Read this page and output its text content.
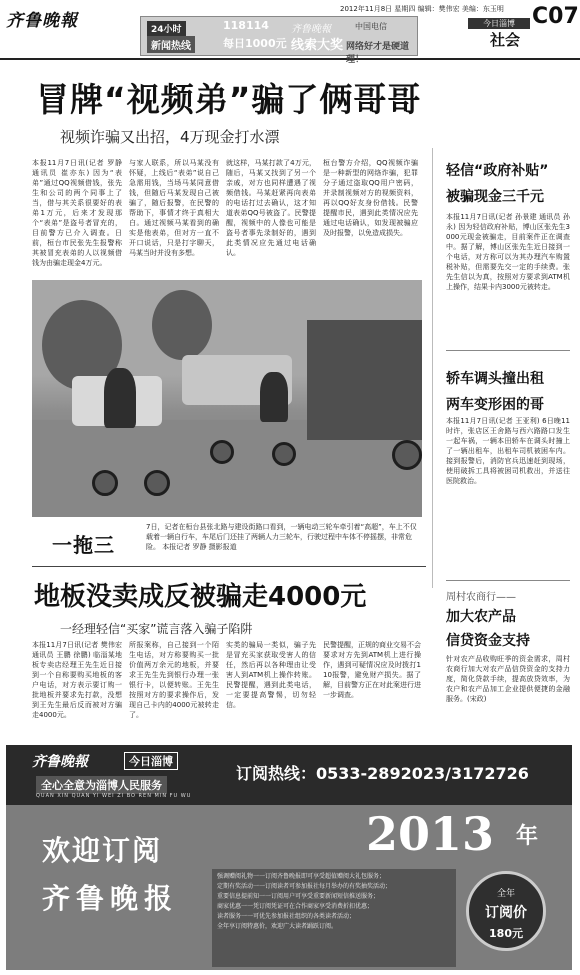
齐鲁晚報	24小时
新闻热线
118114
每日1000元
齐鲁晚報
线索大奖
中国电信
网络好才是硬道理！
2012年11月8日 星期四 编辑：樊伟宏 美编：东玉明
今日淄博
社会
C07
冒牌“视频弟”骗了俩哥哥
视频诈骗又出招，4万现金打水漂
本报11月7日讯(记者 罗静 通讯员 崔亦东) 因为“表弟”通过QQ视频借钱，张先生和公司的两个同事上了当，借与其关系很要好的表弟1万元，后来才发现那个“表弟”是盗号者冒充的，目前警方已介入调查。日前，桓台市民张先生报警称其被冒充表弟的人以视频借钱为由骗走现金4万元。
与家人联系，所以马某没有怀疑，上线后“表弟”说自己急需用钱，当场马某同意借钱，但随后马某发现自己被骗了，随后报警，在民警的帮助下，事情才终于真相大白。通过视频马某看到的确实是他表弟，但对方一直不开口说话，只是打字聊天，马某当时并没有多想。
就这样，马某打款了4万元，随后，马某又找到了另一个亲戚，对方也同样遭遇了视频借钱。马某赶紧再向表弟的电话打过去确认，这才知道表弟QQ号被盗了。民警提醒，视频中的人像也可能是盗号者事先录制好的，遇到此类情况应先通过电话确认。
桓台警方介绍，QQ视频诈骗是一种新型的网络诈骗，犯罪分子通过盗取QQ用户密码，并录制视频对方的视频资料，再以QQ好友身份借钱。民警提醒市民，遇到此类情况应先通过电话确认，如发现被骗应及时报警，以免造成损失。
一拖三
7日，记者在桓台县张北路与建设街路口看到，一辆电动三轮车牵引着“高超”，车上不仅载着一辆自行车，车尾后门还挂了两辆人力三轮车，行驶过程中车体不停摇摆，非常危险。 本报记者 罗静 摄影报道
地板没卖成反被骗走4000元
一经理轻信“买家”谎言落入骗子陷阱
本报11月7日讯(记者 樊伟宏 通讯员 王鹏 徐鹏) 临淄某地板专卖店经理王先生近日接到一个自称要购买地板的客户电话，对方表示要订购一批地板并要求先打款，没想到王先生最后反而被对方骗走4000元。
所报案称，自己接到一个陌生电话，对方称要购买一批价值两万余元的地板，并要求王先生先到银行办理一张银行卡，以便转账。王先生按照对方的要求操作后，发现自己卡内的4000元被转走了。
实类的骗局一类似，骗子先是冒充买家获取受害人的信任，然后再以各种理由让受害人到ATM机上操作转账。民警提醒，遇到此类电话，一定要提高警惕，切勿轻信。
民警提醒，正规的商业交易不会要求对方先到ATM机上进行操作，遇到可疑情况应及时拨打110报警，避免财产损失。据了解，目前警方正在对此案进行进一步调查。
轻信“政府补贴”
被骗现金三千元
本报11月7日讯(记者 孙景建 通讯员 孙永) 因为轻信政府补贴，博山区张先生3000元现金被骗走，目前案件正在调查中。据了解，博山区张先生近日接到一个电话，对方称可以为其办理汽车购置税补贴，但需要先交一定的手续费。张先生信以为真，按照对方要求到ATM机上操作，结果卡内3000元被转走。
轿车调头撞出租
两车变形困的哥
本报11月7日讯(记者 王亚利) 6日晚11时许，张店区王舍路与西六路路口发生一起车祸，一辆本田轿车在调头时撞上了一辆出租车，出租车司机被困车内。接到报警后，消防官兵迅速赶到现场，使用破拆工具将被困司机救出，并送往医院救治。
周村农商行——
加大农产品
信贷资金支持
针对农产品收购旺季的资金需求，周村农商行加大对农产品信贷资金的支持力度，简化贷款手续，提高放贷效率，为农户和农产品加工企业提供便捷的金融服务。(宋政)
齐鲁晚報	今日淄博
全心全意为淄博人民服务
QUAN XIN QUAN YI WEI ZI BO REN MIN FU WU
订阅热线：0533-2892023/3172726
欢迎订阅	2013 年
齐鲁晚报
强调赠阅礼物一一订阅齐鲁晚报即可享受超值赠阅大礼包服务；
定期有奖活动一一订阅读者可参加报社每月举办的有奖抽奖活动；
重要信息提前知一一订阅用户可享受重要新闻短信推送服务；
商家优惠一一凭订阅凭证可在合作商家享受消费折扣优惠；
读者服务一一可优先参加报社组织的各类读者活动；
全年享订阅特惠价，欢迎广大读者踊跃订阅。
全年
订阅价
180元
